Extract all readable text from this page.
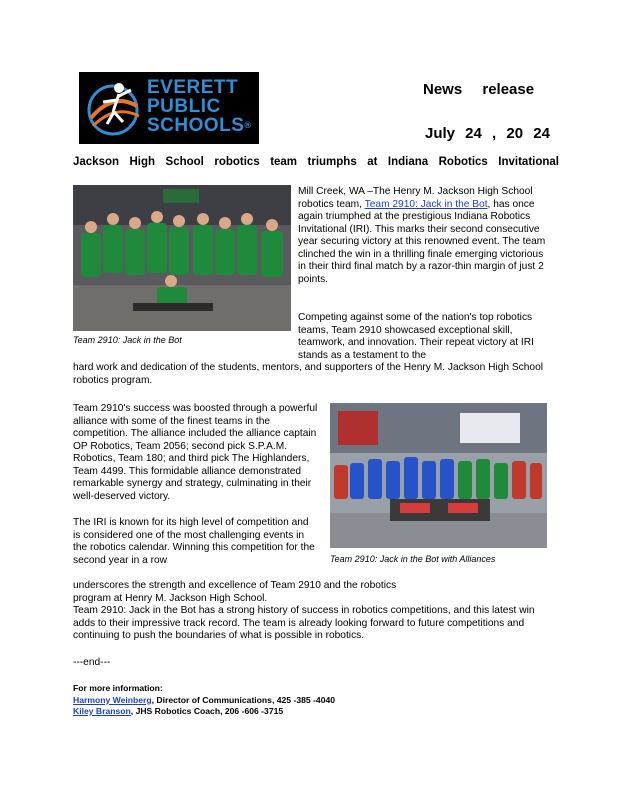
EVERETT
PUBLIC
SCHOOLS®
News release
July 24 , 20 24
Jackson High School robotics team triumphs at Indiana Robotics Invitational
Team 2910: Jack in the Bot
Mill Creek, WA –The Henry M. Jackson High School robotics team, Team 2910: Jack in the Bot, has once again triumphed at the prestigious Indiana Robotics Invitational (IRI). This marks their second consecutive year securing victory at this renowned event. The team clinched the win in a thrilling finale emerging victorious in their third final match by a razor-thin margin of just 2 points.
Competing against some of the nation's top robotics teams, Team 2910 showcased exceptional skill, teamwork, and innovation. Their repeat victory at IRI stands as a testament to the
hard work and dedication of the students, mentors, and supporters of the Henry M. Jackson High School robotics program.
Team 2910's success was boosted through a powerful alliance with some of the finest teams in the competition. The alliance included the alliance captain OP Robotics, Team 2056; second pick S.P.A.M. Robotics, Team 180; and third pick The Highlanders, Team 4499. This formidable alliance demonstrated remarkable synergy and strategy, culminating in their well-deserved victory.
Team 2910: Jack in the Bot with Alliances
The IRI is known for its high level of competition and is considered one of the most challenging events in the robotics calendar. Winning this competition for the second year in a row
underscores the strength and excellence of Team 2910 and the robotics program at Henry M. Jackson High School.
Team 2910: Jack in the Bot has a strong history of success in robotics competitions, and this latest win adds to their impressive track record. The team is already looking forward to future competitions and continuing to push the boundaries of what is possible in robotics.
---end---
For more information:
Harmony Weinberg, Director of Communications, 425 -385 -4040
Kiley Branson, JHS Robotics Coach, 206 -606 -3715
